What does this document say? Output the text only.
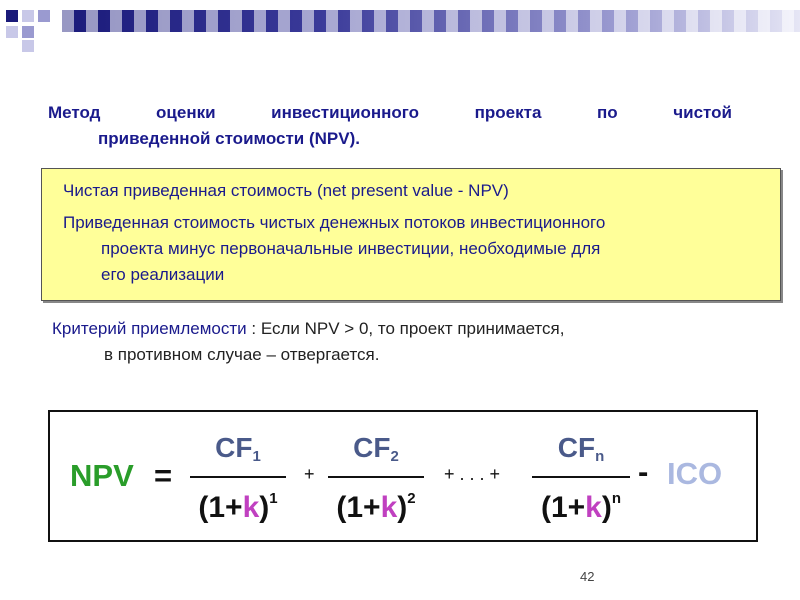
Метод	оценки	инвестиционного	проекта	по	чистой
приведенной стоимости (NPV).
Чистая приведенная стоимость (net present value - NPV)
Приведенная стоимость чистых денежных потоков инвестиционного
проекта минус первоначальные инвестиции, необходимые для
его реализации
Критерий приемлемости : Если NPV > 0, то проект принимается,
в противном случае – отвергается.
NPV =
$CF_1$
$(1+k)^1$
+
$CF_2$
$(1+k)^2$
+ . . . +
$CF_n$
$(1+k)^n$
- ICO
42
